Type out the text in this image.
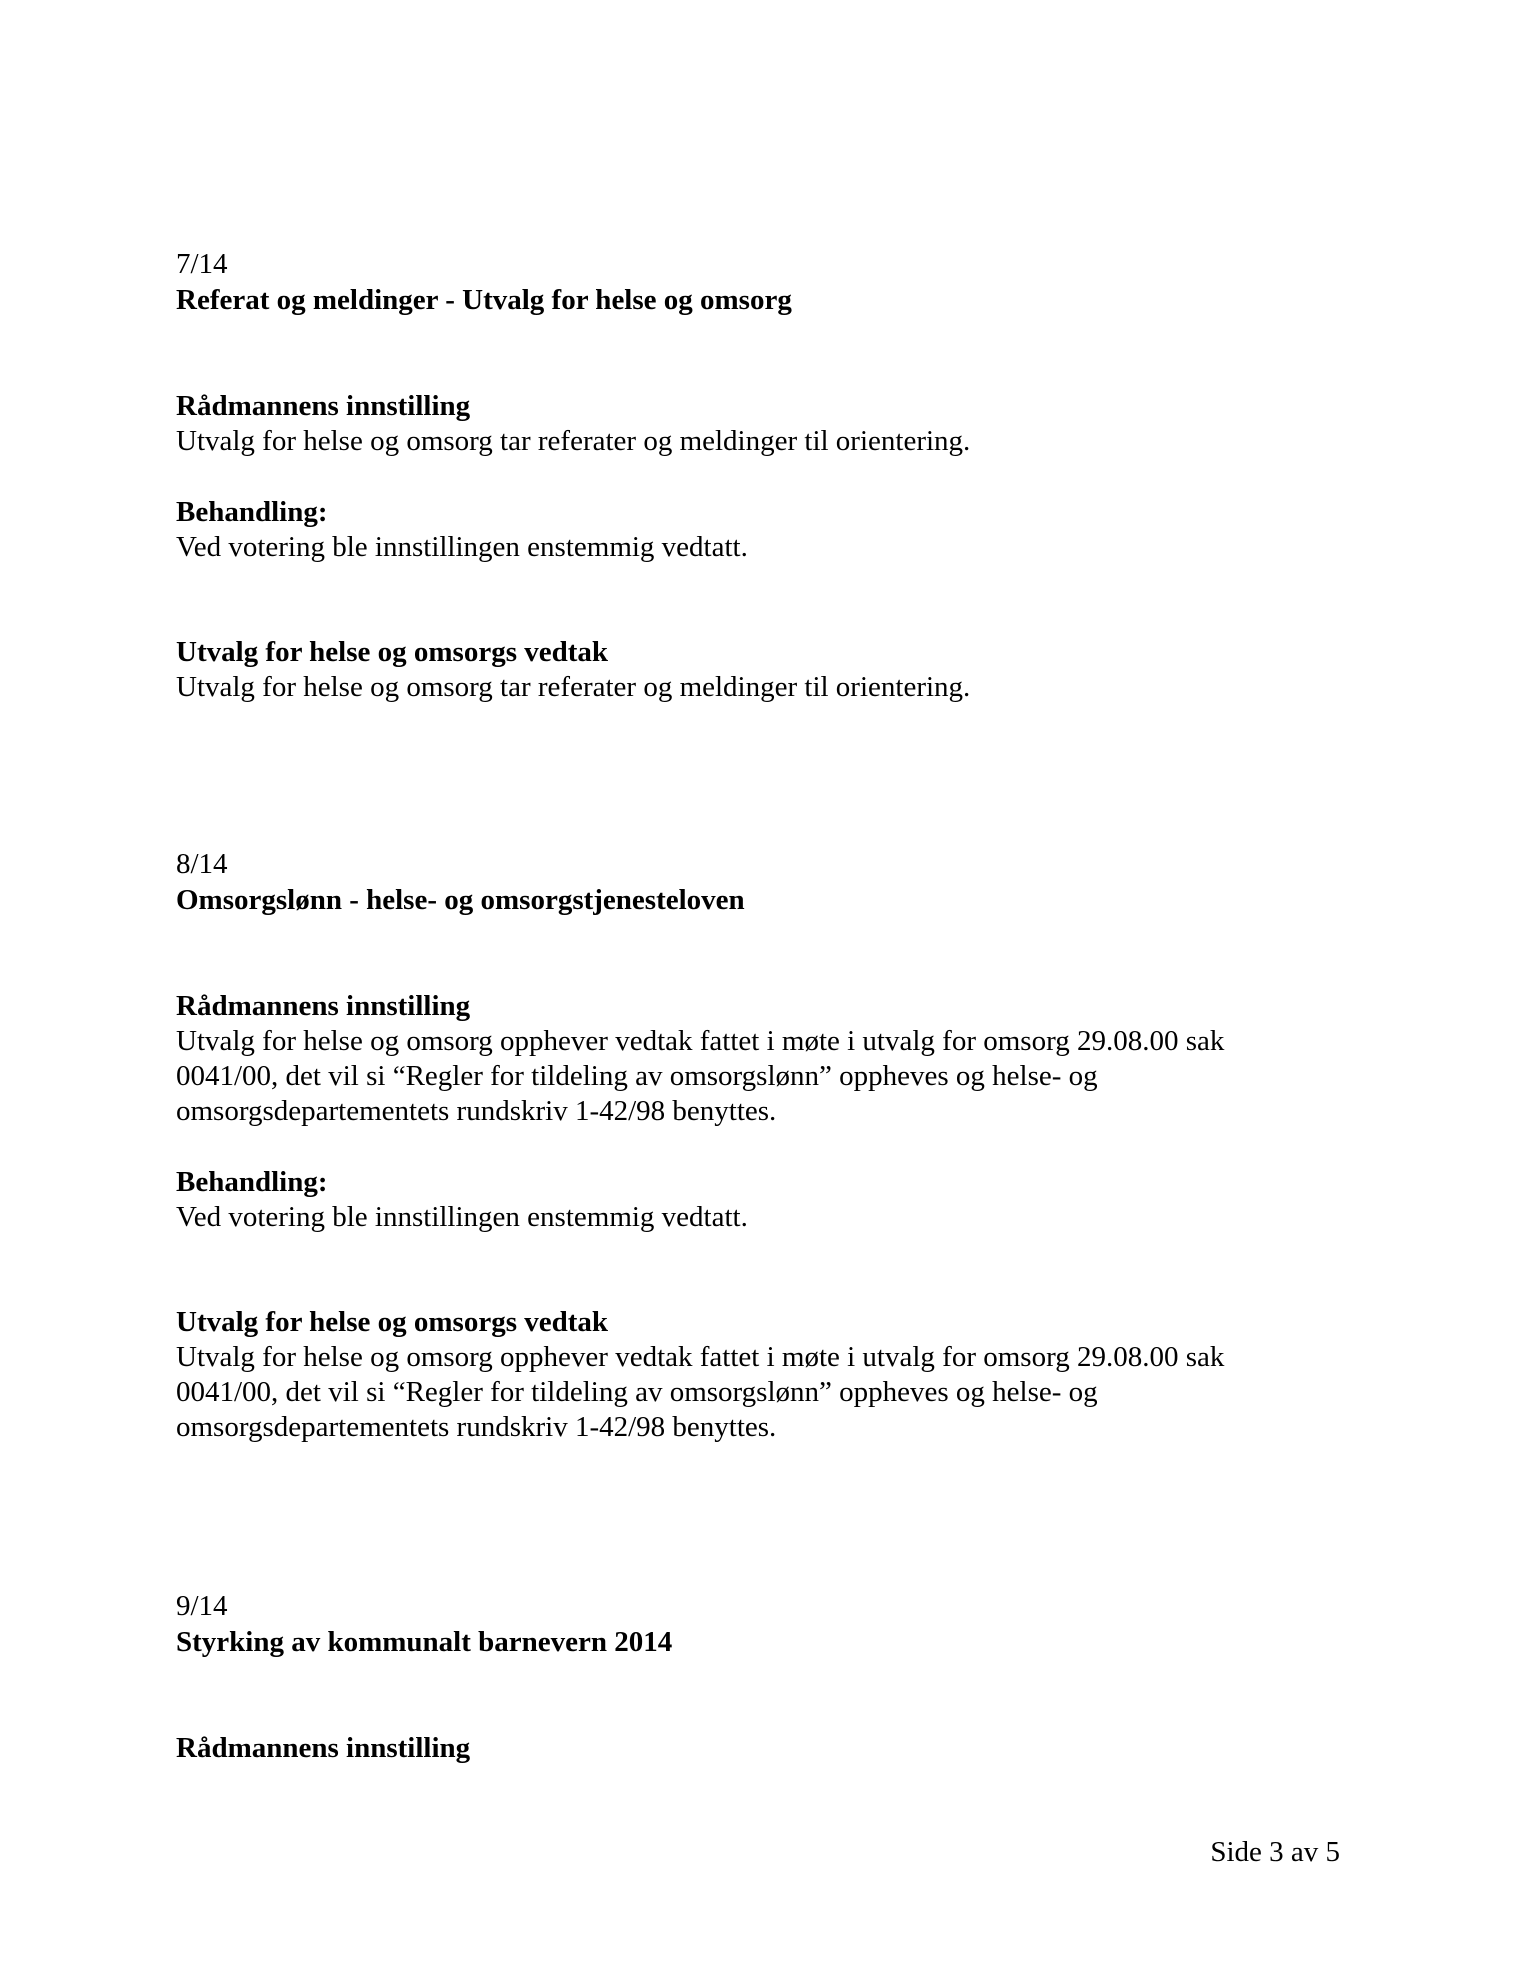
7/14

Referat og meldinger - Utvalg for helse og omsorg

Rådmannens innstilling

Utvalg for helse og omsorg tar referater og meldinger til orientering.

Behandling:

Ved votering ble innstillingen enstemmig vedtatt.

Utvalg for helse og omsorgs vedtak

Utvalg for helse og omsorg tar referater og meldinger til orientering.

8/14

Omsorgslønn - helse- og omsorgstjenesteloven

Rådmannens innstilling

Utvalg for helse og omsorg opphever vedtak fattet i møte i utvalg for omsorg 29.08.00 sak
0041/00, det vil si “Regler for tildeling av omsorgslønn” oppheves og helse- og
omsorgsdepartementets rundskriv 1-42/98 benyttes.

Behandling:

Ved votering ble innstillingen enstemmig vedtatt.

Utvalg for helse og omsorgs vedtak

Utvalg for helse og omsorg opphever vedtak fattet i møte i utvalg for omsorg 29.08.00 sak
0041/00, det vil si “Regler for tildeling av omsorgslønn” oppheves og helse- og
omsorgsdepartementets rundskriv 1-42/98 benyttes.

9/14

Styrking av kommunalt barnevern 2014

Rådmannens innstilling

Side 3 av 5
